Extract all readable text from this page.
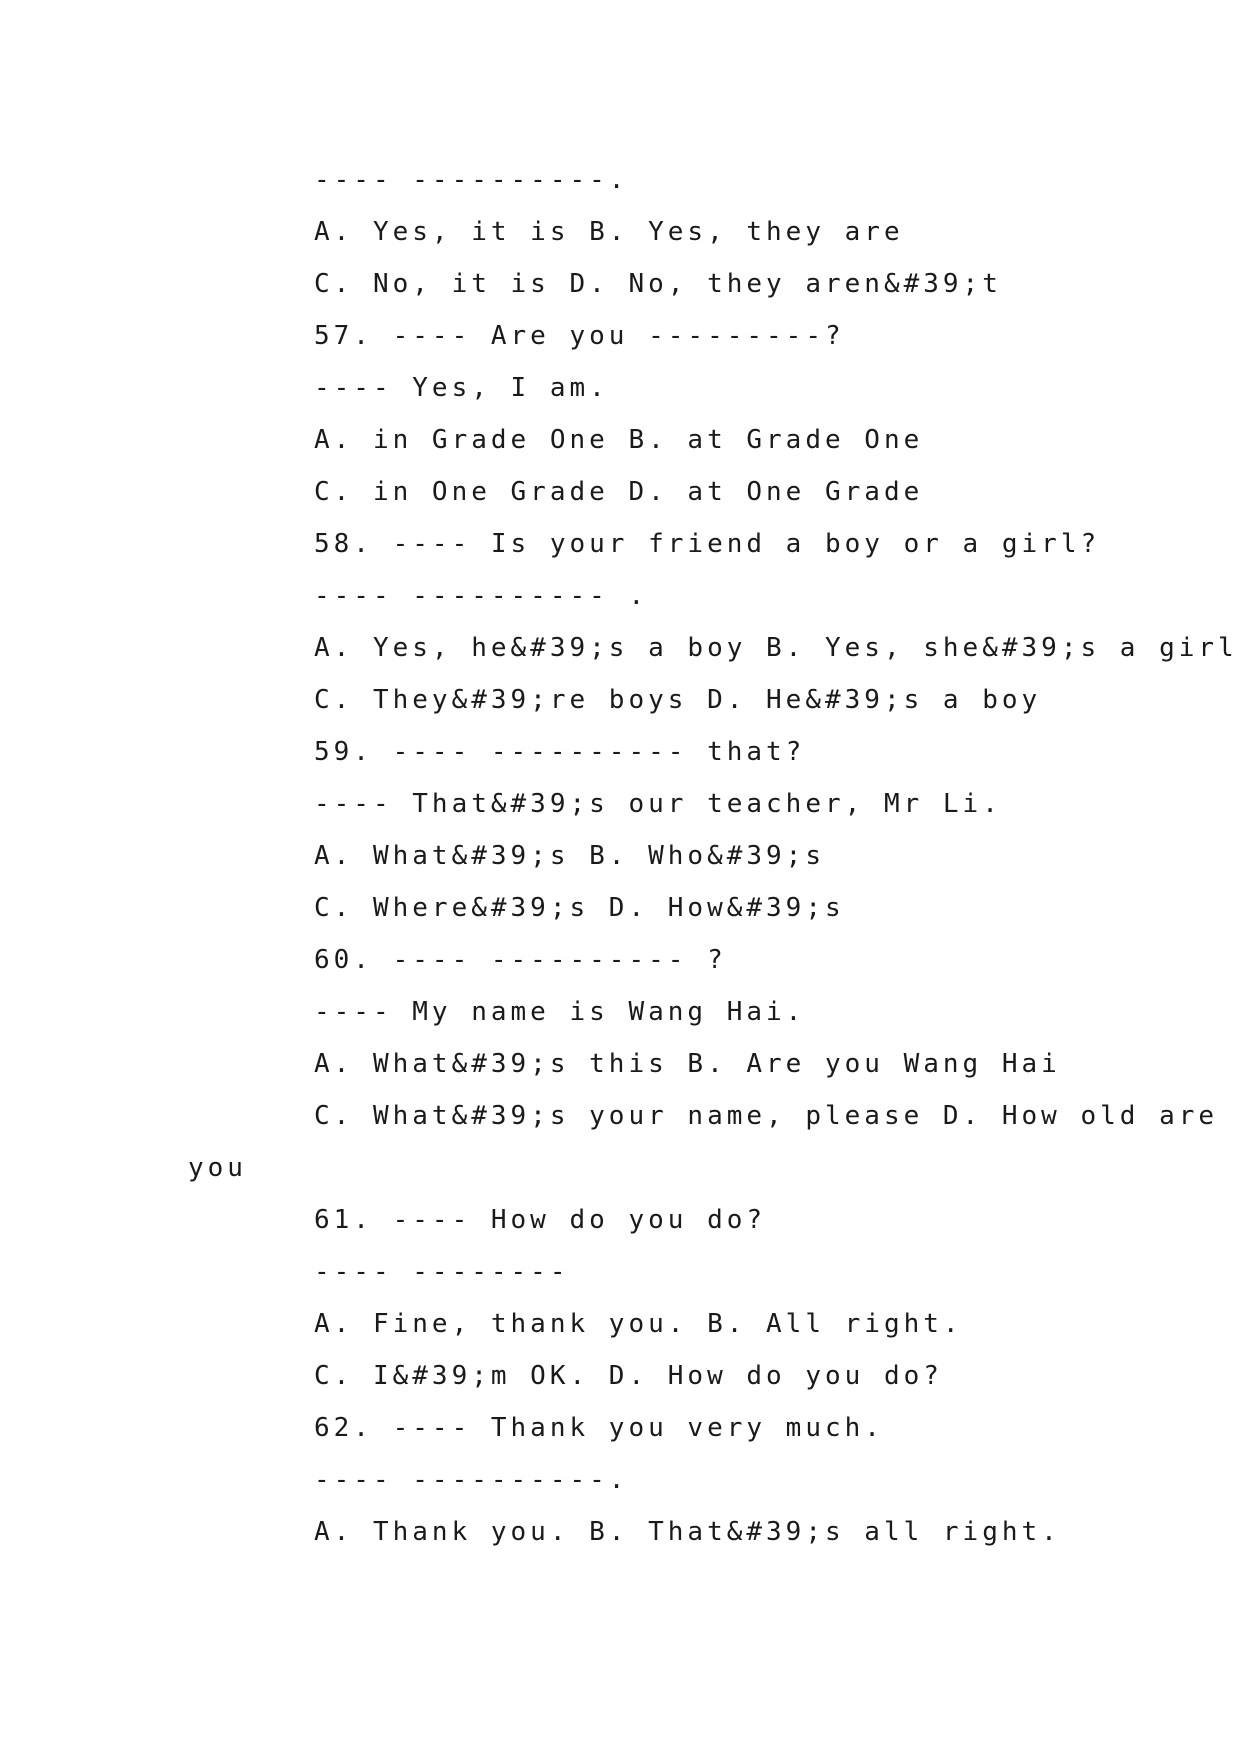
---- ----------.
A. Yes, it is B. Yes, they are
C. No, it is D. No, they aren&#39;t
57. ---- Are you ---------?
---- Yes, I am.
A. in Grade One B. at Grade One
C. in One Grade D. at One Grade
58. ---- Is your friend a boy or a girl?
---- ---------- .
A. Yes, he&#39;s a boy B. Yes, she&#39;s a girl
C. They&#39;re boys D. He&#39;s a boy
59. ---- ---------- that?
---- That&#39;s our teacher, Mr Li.
A. What&#39;s B. Who&#39;s
C. Where&#39;s D. How&#39;s
60. ---- ---------- ?
---- My name is Wang Hai.
A. What&#39;s this B. Are you Wang Hai
C. What&#39;s your name, please D. How old are
you
61. ---- How do you do?
---- --------
A. Fine, thank you. B. All right.
C. I&#39;m OK. D. How do you do?
62. ---- Thank you very much.
---- ----------.
A. Thank you. B. That&#39;s all right.
